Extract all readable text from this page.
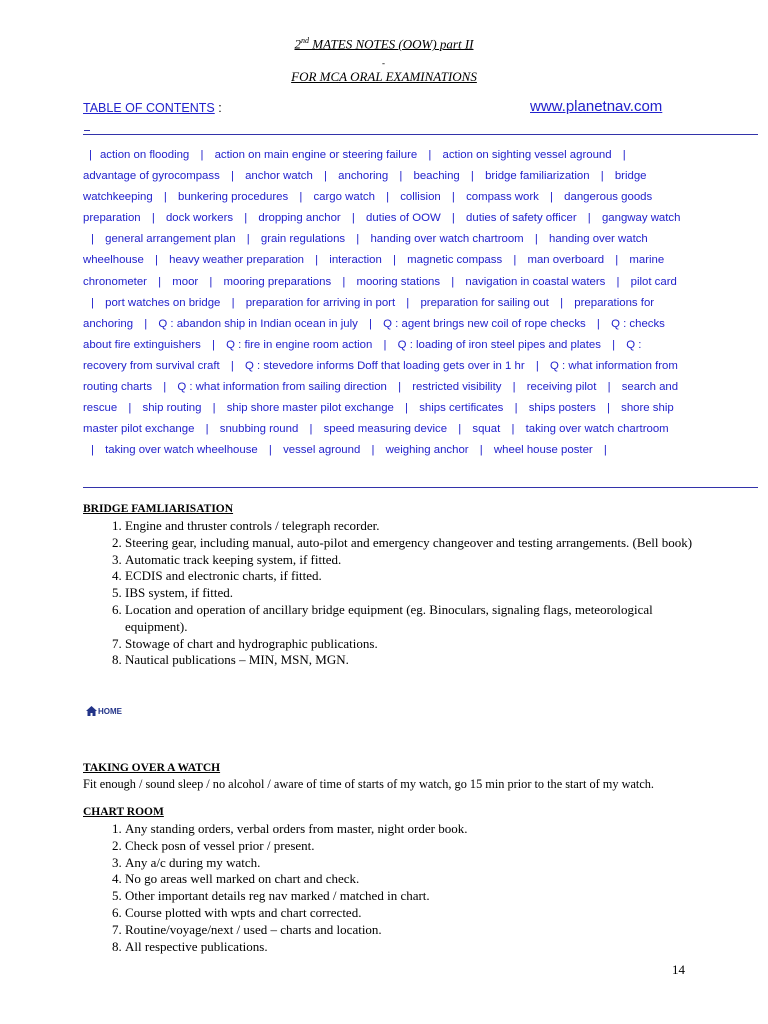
2nd MATES NOTES (OOW) part II
-
FOR MCA ORAL EXAMINATIONS
TABLE OF CONTENTS :	www.planetnav.com
| action on flooding | action on main engine or steering failure | action on sighting vessel aground | advantage of gyrocompass | anchor watch | anchoring | beaching | bridge familiarization | bridge watchkeeping | bunkering procedures | cargo watch | collision | compass work | dangerous goods preparation | dock workers | dropping anchor | duties of OOW | duties of safety officer | gangway watch | general arrangement plan | grain regulations | handing over watch chartroom | handing over watch wheelhouse | heavy weather preparation | interaction | magnetic compass | man overboard | marine chronometer | moor | mooring preparations | mooring stations | navigation in coastal waters | pilot card | port watches on bridge | preparation for arriving in port | preparation for sailing out | preparations for anchoring | Q : abandon ship in Indian ocean in july | Q : agent brings new coil of rope checks | Q : checks about fire extinguishers | Q : fire in engine room action | Q : loading of iron steel pipes and plates | Q : recovery from survival craft | Q : stevedore informs Doff that loading gets over in 1 hr | Q : what information from routing charts | Q : what information from sailing direction | restricted visibility | receiving pilot | search and rescue | ship routing | ship shore master pilot exchange | ships certificates | ships posters | shore ship master pilot exchange | snubbing round | speed measuring device | squat | taking over watch chartroom | taking over watch wheelhouse | vessel aground | weighing anchor | wheel house poster |
BRIDGE FAMLIARISATION
1. Engine and thruster controls / telegraph recorder.
2. Steering gear, including manual, auto-pilot and emergency changeover and testing arrangements. (Bell book)
3. Automatic track keeping system, if fitted.
4. ECDIS and electronic charts, if fitted.
5. IBS system, if fitted.
6. Location and operation of ancillary bridge equipment (eg. Binoculars, signaling flags, meteorological equipment).
7. Stowage of chart and hydrographic publications.
8. Nautical publications – MIN, MSN, MGN.
HOME
TAKING OVER A WATCH
Fit enough / sound sleep / no alcohol / aware of time of starts of my watch, go 15 min prior to the start of my watch.
CHART ROOM
1. Any standing orders, verbal orders from master, night order book.
2. Check posn of vessel prior / present.
3. Any a/c during my watch.
4. No go areas well marked on chart and check.
5. Other important details reg nav marked / matched in chart.
6. Course plotted with wpts and chart corrected.
7. Routine/voyage/next / used – charts and location.
8. All respective publications.
14
